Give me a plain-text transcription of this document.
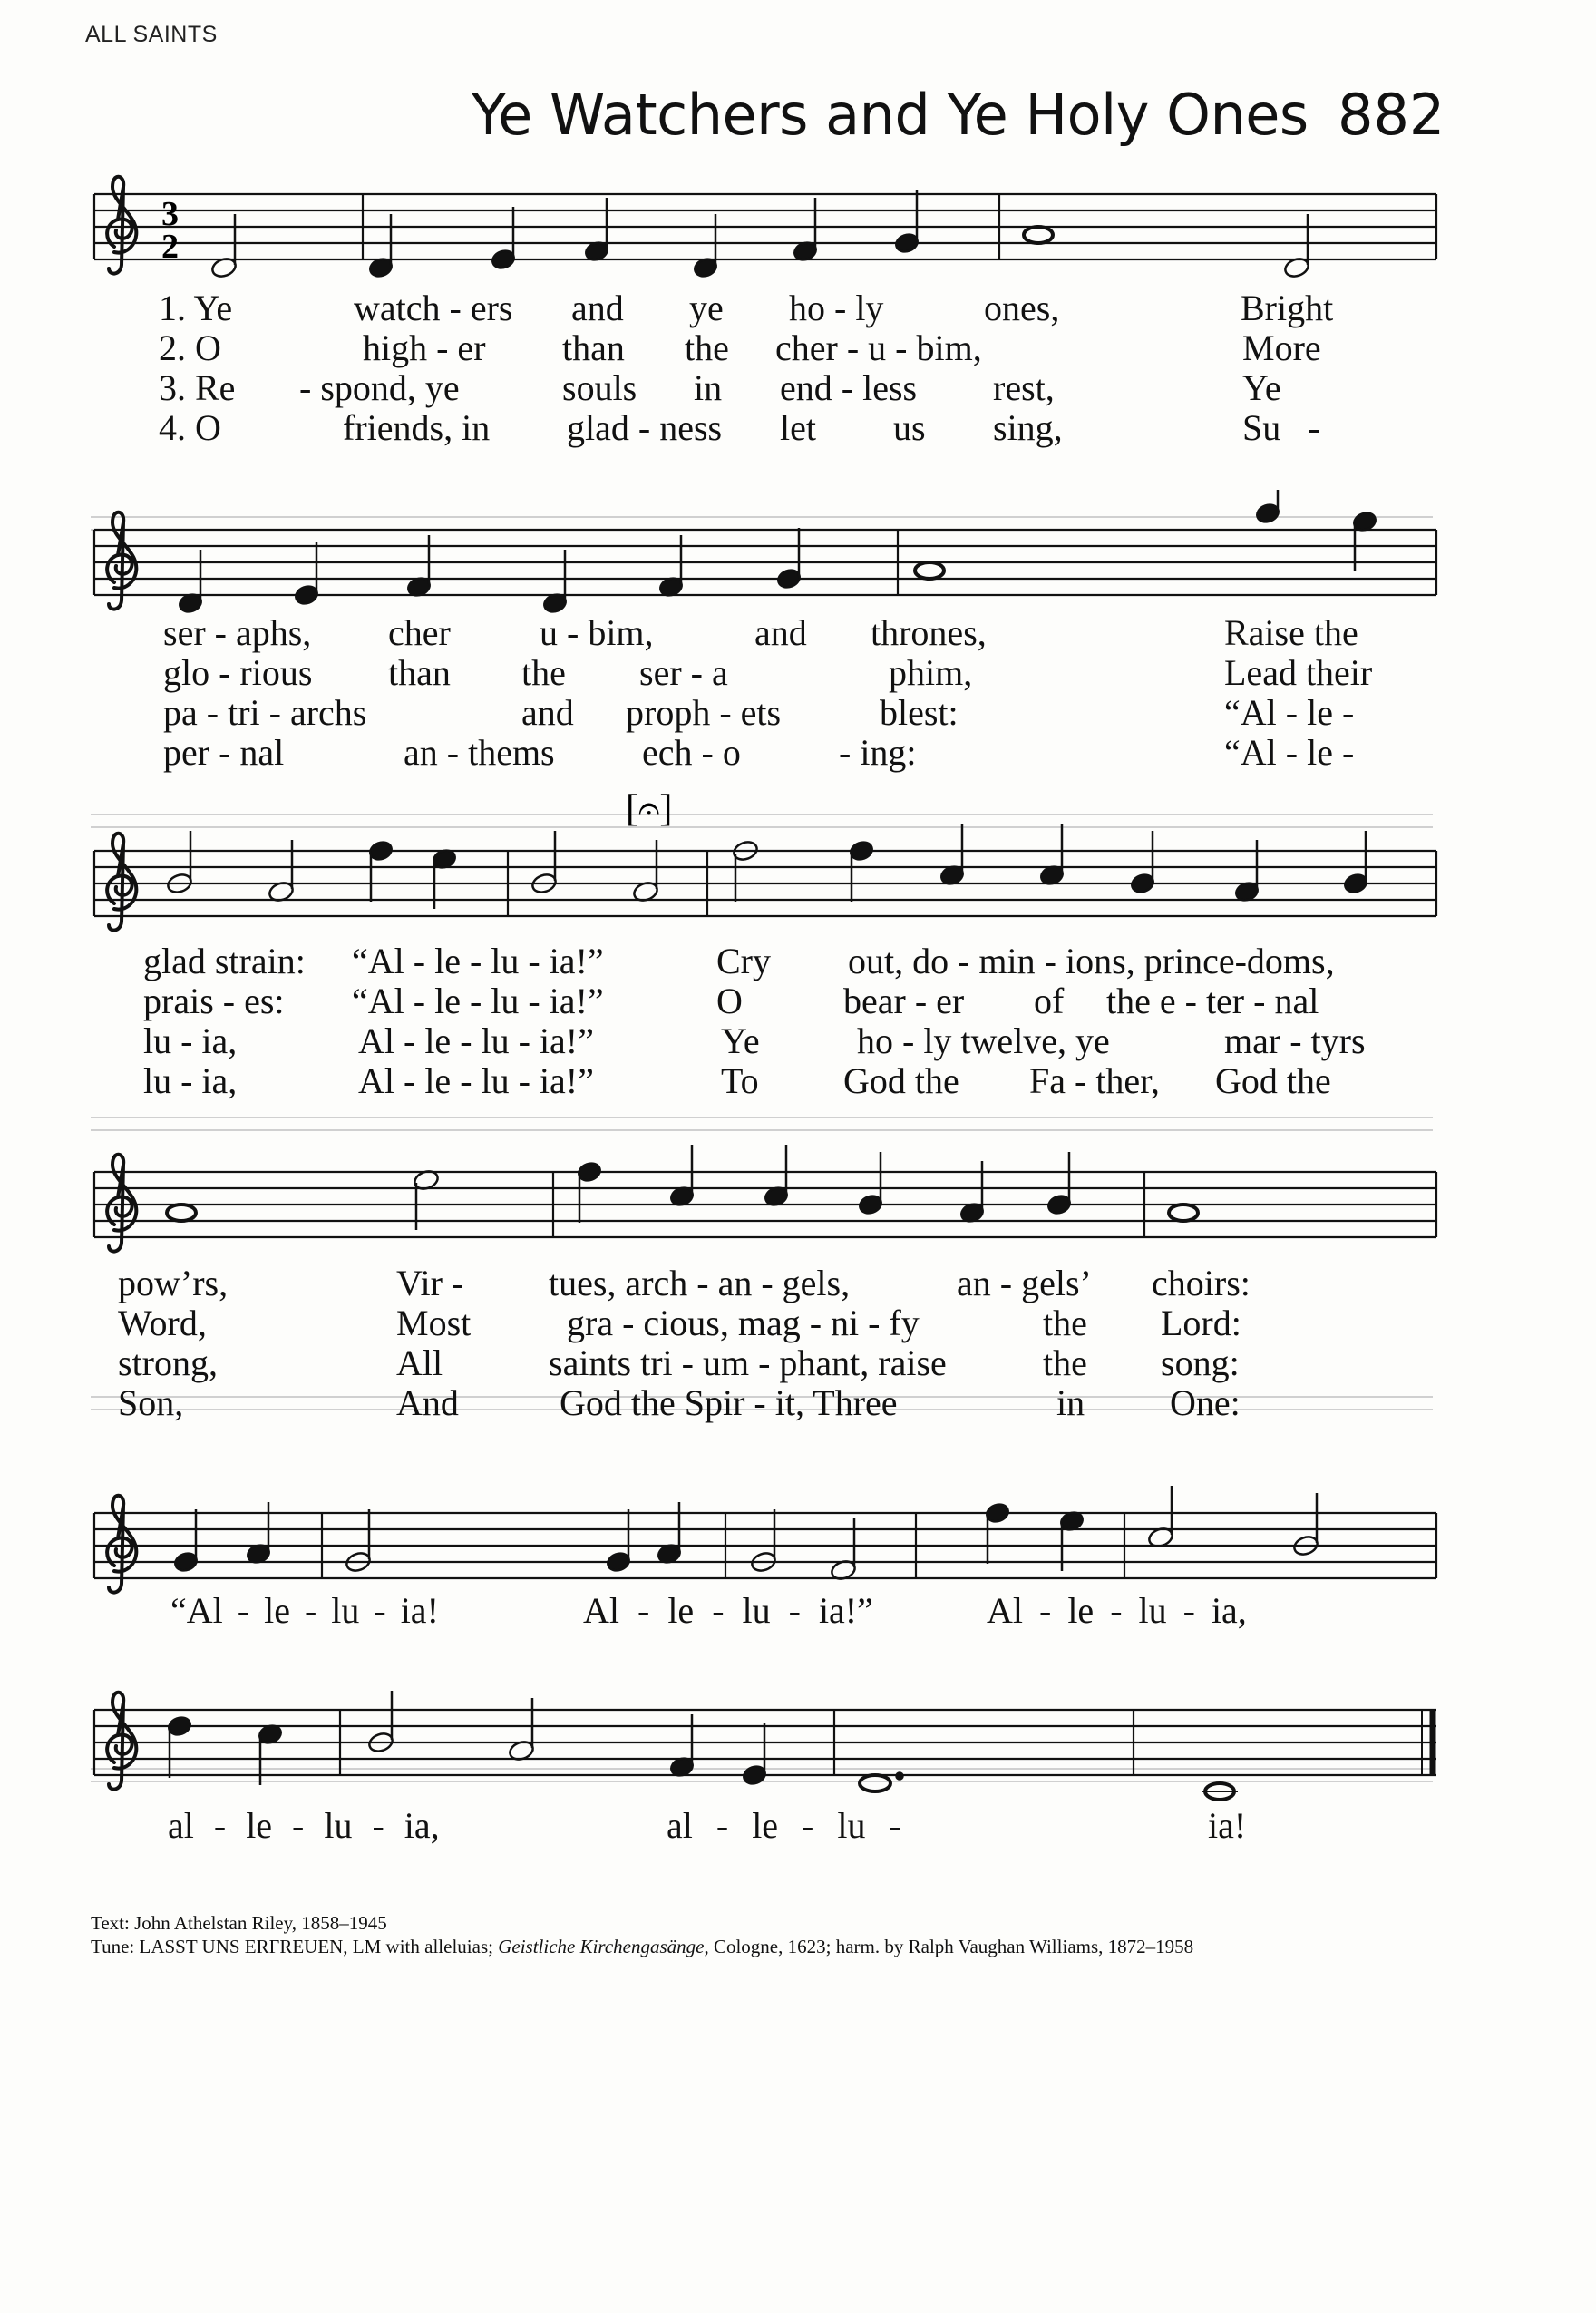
ALL SAINTS
Ye Watchers and Ye Holy Ones 882
3
2
[𝄐]
1. Ye	watch - ers and ye ho - ly	ones,	Bright
2. O	high - er than the cher - u - bim,	More
3. Re - spond, ye	souls in end - less rest,	Ye
4. O	friends, in glad - ness let us sing,	Su -
ser - aphs, cher u - bim,	and thrones,	Raise the
glo - rious than the ser - a	phim,	Lead their
pa - tri - archs	and proph - ets	blest:	“Al - le -
per - nal	an - thems ech - o	- ing:	“Al - le -
glad strain: “Al - le - lu - ia!”	Cry out, do - min - ions, prince-doms,
prais - es: “Al - le - lu - ia!”	O	bear - er of the e - ter - nal
lu - ia,	Al - le - lu - ia!”	Ye	ho - ly twelve, ye	mar - tyrs
lu - ia,	Al - le - lu - ia!”	To God the Fa - ther, God the
pow’rs,	Vir - tues, arch - an - gels,	an - gels’ choirs:
Word,	Most	gra - cious, mag - ni - fy	the Lord:
strong,	All	saints tri - um - phant, raise	the song:
Son,	And	God the Spir - it, Three	in One:
“Al - le - lu - ia!	Al - le - lu - ia!”	Al - le - lu - ia,
al - le - lu - ia,	al - le - lu -	ia!
Text: John Athelstan Riley, 1858–1945
Tune: LASST UNS ERFREUEN, LM with alleluias; Geistliche Kirchengasänge, Cologne, 1623; harm. by Ralph Vaughan Williams, 1872–1958
